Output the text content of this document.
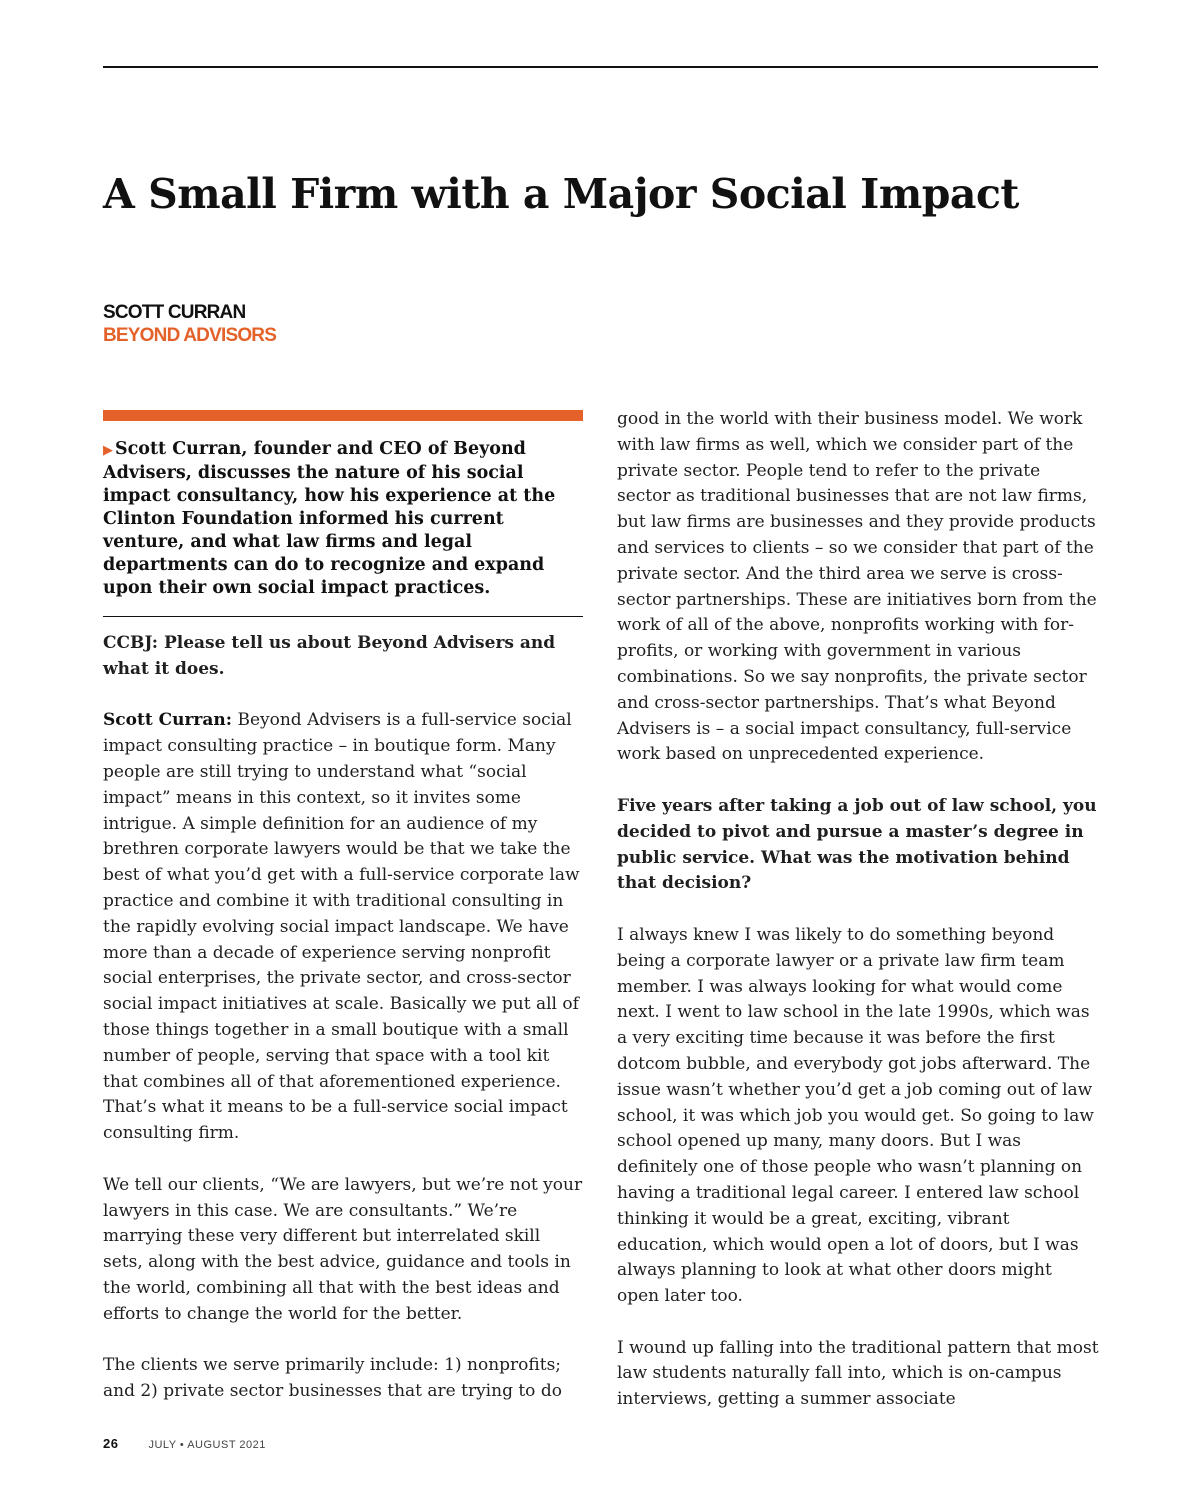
A Small Firm with a Major Social Impact
SCOTT CURRAN
BEYOND ADVISORS

▶ Scott Curran, founder and CEO of Beyond Advisers, discusses the nature of his social impact consultancy, how his experience at the Clinton Foundation informed his current venture, and what law firms and legal departments can do to recognize and expand upon their own social impact practices.

CCBJ: Please tell us about Beyond Advisers and what it does.

Scott Curran: Beyond Advisers is a full-service social impact consulting practice – in boutique form. Many people are still trying to understand what “social impact” means in this context, so it invites some intrigue. A simple definition for an audience of my brethren corporate lawyers would be that we take the best of what you’d get with a full-service corporate law practice and combine it with traditional consulting in the rapidly evolving social impact landscape. We have more than a decade of experience serving nonprofit social enterprises, the private sector, and cross-sector social impact initiatives at scale. Basically we put all of those things together in a small boutique with a small number of people, serving that space with a tool kit that combines all of that aforementioned experience. That’s what it means to be a full-service social impact consulting firm.

We tell our clients, “We are lawyers, but we’re not your lawyers in this case. We are consultants.” We’re marrying these very different but interrelated skill sets, along with the best advice, guidance and tools in the world, combining all that with the best ideas and efforts to change the world for the better.

The clients we serve primarily include: 1) nonprofits; and 2) private sector businesses that are trying to do

good in the world with their business model. We work with law firms as well, which we consider part of the private sector. People tend to refer to the private sector as traditional businesses that are not law firms, but law firms are businesses and they provide products and services to clients – so we consider that part of the private sector. And the third area we serve is cross-sector partnerships. These are initiatives born from the work of all of the above, nonprofits working with for-profits, or working with government in various combinations. So we say nonprofits, the private sector and cross-sector partnerships. That’s what Beyond Advisers is – a social impact consultancy, full-service work based on unprecedented experience.

Five years after taking a job out of law school, you decided to pivot and pursue a master’s degree in public service. What was the motivation behind that decision?

I always knew I was likely to do something beyond being a corporate lawyer or a private law firm team member. I was always looking for what would come next. I went to law school in the late 1990s, which was a very exciting time because it was before the first dotcom bubble, and everybody got jobs afterward. The issue wasn’t whether you’d get a job coming out of law school, it was which job you would get. So going to law school opened up many, many doors. But I was definitely one of those people who wasn’t planning on having a traditional legal career. I entered law school thinking it would be a great, exciting, vibrant education, which would open a lot of doors, but I was always planning to look at what other doors might open later too.

I wound up falling into the traditional pattern that most law students naturally fall into, which is on-campus interviews, getting a summer associate

26	JULY • AUGUST 2021
